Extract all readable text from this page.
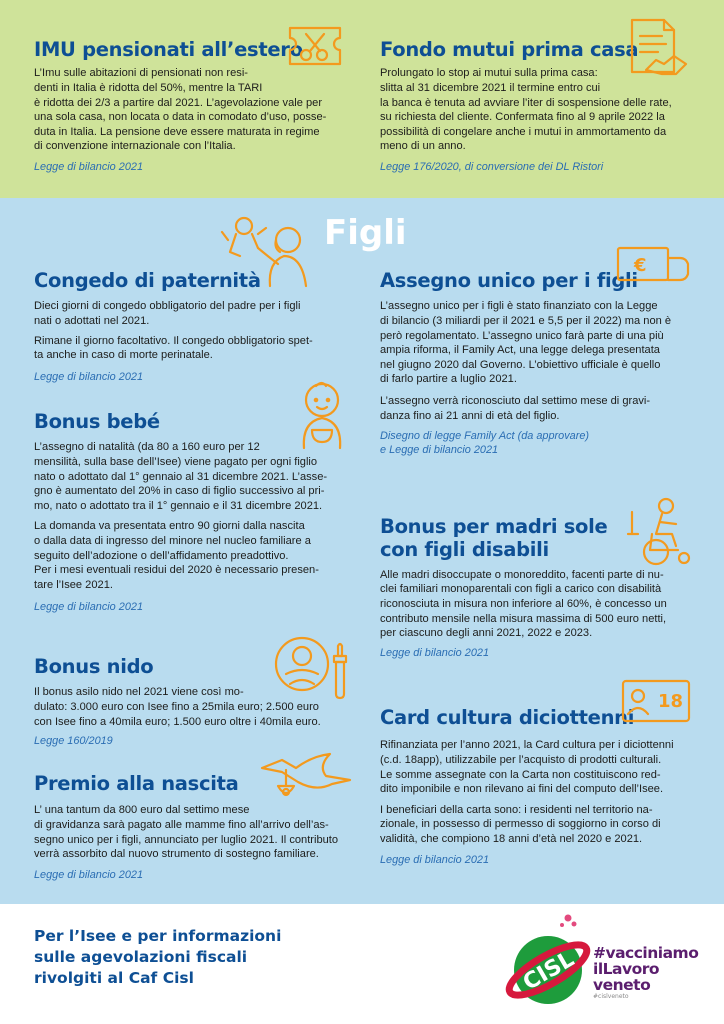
IMU pensionati all’estero

L’Imu sulle abitazioni di pensionati non resi-
denti in Italia è ridotta del 50%, mentre la TARI
è ridotta dei 2/3 a partire dal 2021. L’agevolazione vale per
una sola casa, non locata o data in comodato d’uso, posse-
duta in Italia. La pensione deve essere maturata in regime
di convenzione internazionale con l’Italia.

Legge di bilancio 2021
Fondo mutui prima casa

Prolungato lo stop ai mutui sulla prima casa:
slitta al 31 dicembre 2021 il termine entro cui
la banca è tenuta ad avviare l’iter di sospensione delle rate,
su richiesta del cliente. Confermata fino al 9 aprile 2022 la
possibilità di congelare anche i mutui in ammortamento da
meno di un anno.

Legge 176/2020, di conversione dei DL Ristori
Figli
Congedo di paternità

Dieci giorni di congedo obbligatorio del padre per i figli
nati o adottati nel 2021.

Rimane il giorno facoltativo. Il congedo obbligatorio spet-
ta anche in caso di morte perinatale.

Legge di bilancio 2021
Bonus bebé

L’assegno di natalità (da 80 a 160 euro per 12
mensilità, sulla base dell’Isee) viene pagato per ogni figlio
nato o adottato dal 1° gennaio al 31 dicembre 2021. L’asse-
gno è aumentato del 20% in caso di figlio successivo al pri-
mo, nato o adottato tra il 1° gennaio e il 31 dicembre 2021.

La domanda va presentata entro 90 giorni dalla nascita
o dalla data di ingresso del minore nel nucleo familiare a
seguito dell’adozione o dell’affidamento preadottivo.
Per i mesi eventuali residui del 2020 è necessario presen-
tare l’Isee 2021.

Legge di bilancio 2021
Bonus nido

Il bonus asilo nido nel 2021 viene così mo-
dulato: 3.000 euro con Isee fino a 25mila euro; 2.500 euro
con Isee fino a 40mila euro; 1.500 euro oltre i 40mila euro.

Legge 160/2019
Premio alla nascita

L’ una tantum da 800 euro dal settimo mese
di gravidanza sarà pagato alle mamme fino all’arrivo dell’as-
segno unico per i figli, annunciato per luglio 2021. Il contributo
verrà assorbito dal nuovo strumento di sostegno familiare.

Legge di bilancio 2021
Assegno unico per i figli

L’assegno unico per i figli è stato finanziato con la Legge
di bilancio (3 miliardi per il 2021 e 5,5 per il 2022) ma non è
però regolamentato. L’assegno unico farà parte di una più
ampia riforma, il Family Act, una legge delega presentata
nel giugno 2020 dal Governo. L’obiettivo ufficiale è quello
di farlo partire a luglio 2021.

L’assegno verrà riconosciuto dal settimo mese di gravi-
danza fino ai 21 anni di età del figlio.

Disegno di legge Family Act (da approvare)
e Legge di bilancio 2021
€
Bonus per madri sole
con figli disabili

Alle madri disoccupate o monoreddito, facenti parte di nu-
clei familiari monoparentali con figli a carico con disabilità
riconosciuta in misura non inferiore al 60%, è concesso un
contributo mensile nella misura massima di 500 euro netti,
per ciascuno degli anni 2021, 2022 e 2023.

Legge di bilancio 2021
Card cultura diciottenni

Rifinanziata per l’anno 2021, la Card cultura per i diciottenni
(c.d. 18app), utilizzabile per l’acquisto di prodotti culturali.
Le somme assegnate con la Carta non costituiscono red-
dito imponibile e non rilevano ai fini del computo dell’Isee.

I beneficiari della carta sono: i residenti nel territorio na-
zionale, in possesso di permesso di soggiorno in corso di
validità, che compiono 18 anni d’età nel 2020 e 2021.

Legge di bilancio 2021
18
Per l’Isee e per informazioni
sulle agevolazioni fiscali
rivolgiti al Caf Cisl	CISL #vacciniamo
ilLavoro
veneto
#cislveneto
